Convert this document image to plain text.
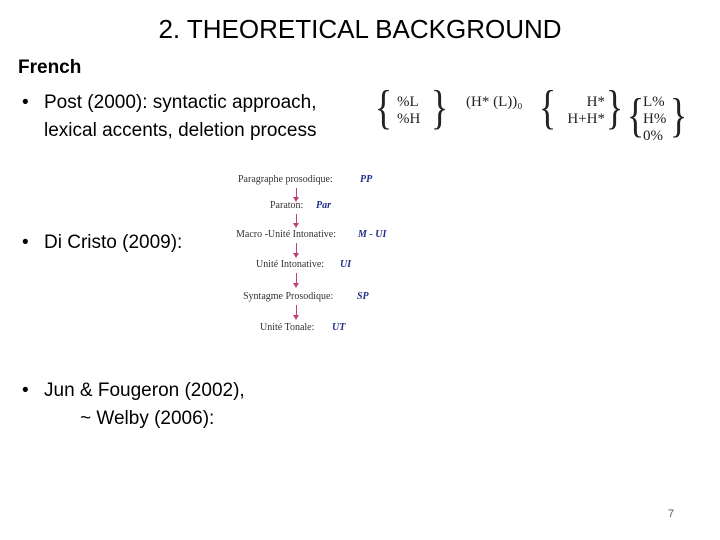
2. THEORETICAL BACKGROUND
French
• Post (2000): syntactic approach,
lexical accents, deletion process { %L
%H } (H* (L))₀ {	H*
H+H* } {
L%
H%
0% }
• Di Cristo (2009):
Paragraphe prosodique:	PP
Paraton: Par
Macro -Unité Intonative: M - UI
Unité Intonative: UI
Syntagme Prosodique: SP
Unité Tonale: UT
• Jun & Fougeron (2002),
~ Welby (2006):
7
